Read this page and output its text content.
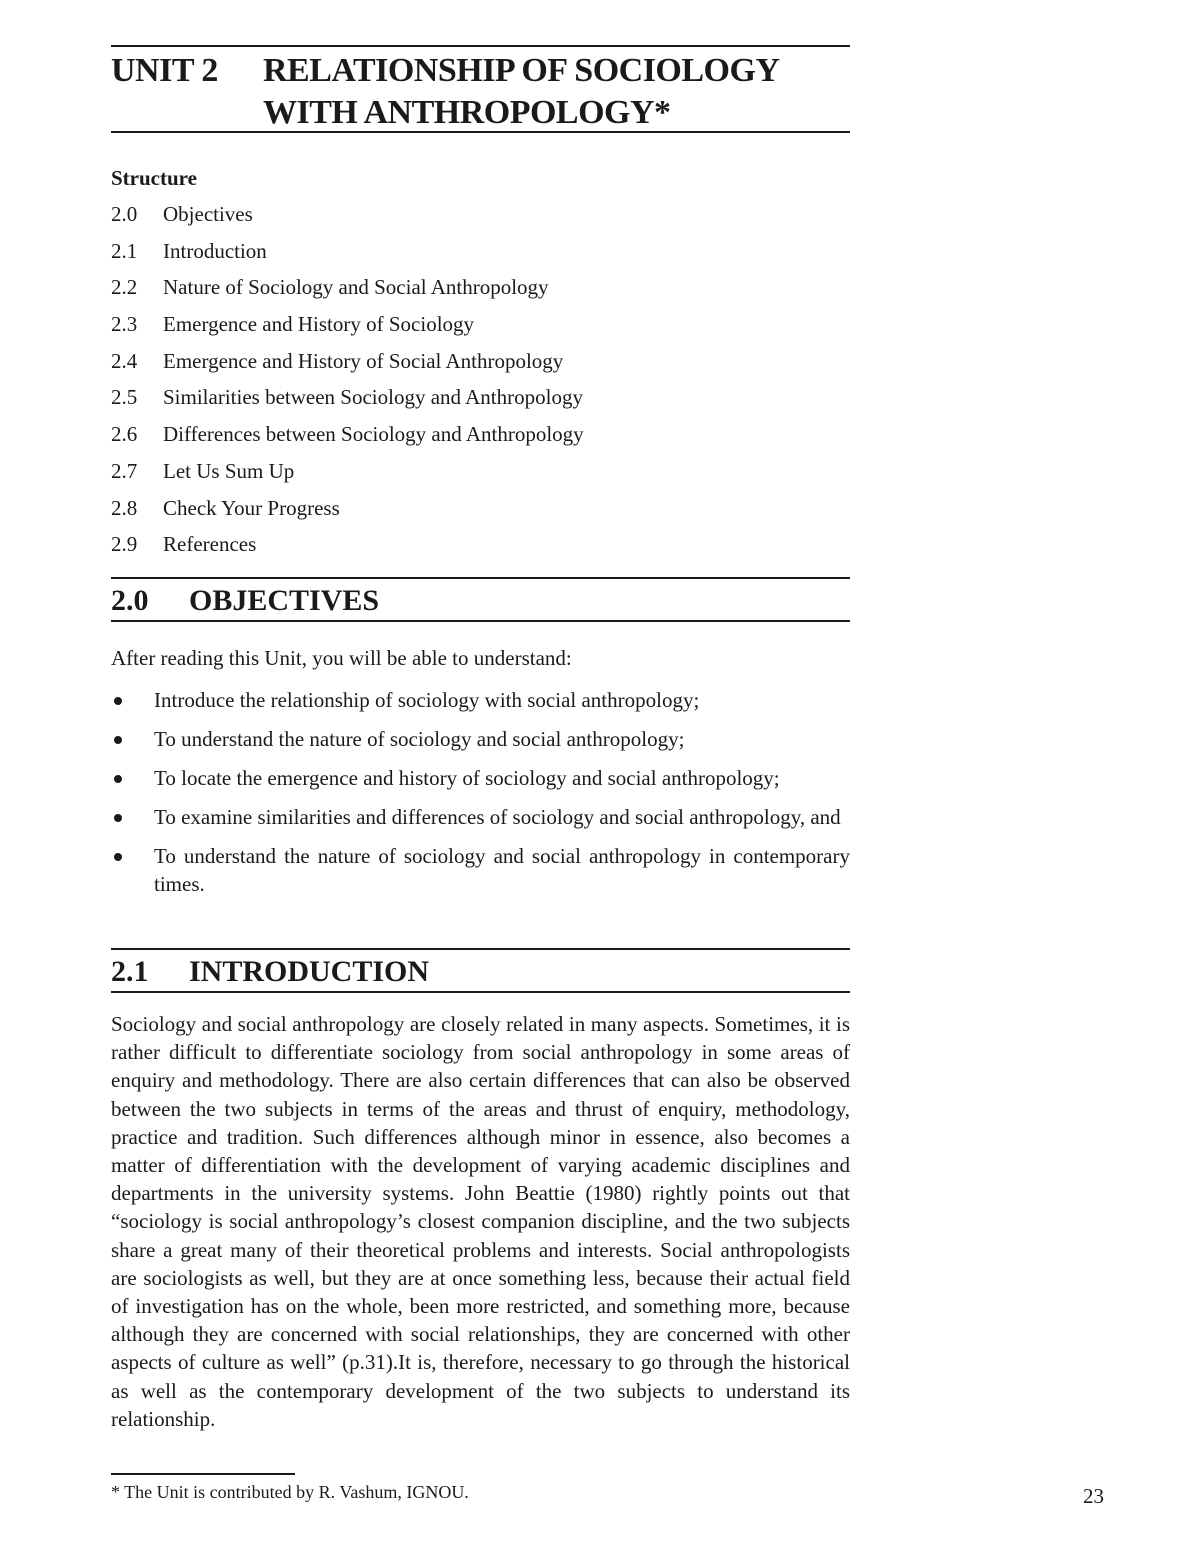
UNIT 2 RELATIONSHIP OF SOCIOLOGY
WITH ANTHROPOLOGY*
Structure
2.0 Objectives
2.1 Introduction
2.2 Nature of Sociology and Social Anthropology
2.3 Emergence and History of Sociology
2.4 Emergence and History of Social Anthropology
2.5 Similarities between Sociology and Anthropology
2.6 Differences between Sociology and Anthropology
2.7 Let Us Sum Up
2.8 Check Your Progress
2.9 References
2.0 OBJECTIVES
After reading this Unit, you will be able to understand:
Introduce the relationship of sociology with social anthropology;
To understand the nature of sociology and social anthropology;
To locate the emergence and history of sociology and social anthropology;
To examine similarities and differences of sociology and social anthropology, and
To understand the nature of sociology and social anthropology in contemporary times.
2.1 INTRODUCTION
Sociology and social anthropology are closely related in many aspects. Sometimes, it is rather difficult to differentiate sociology from social anthropology in some areas of enquiry and methodology. There are also certain differences that can also be observed between the two subjects in terms of the areas and thrust of enquiry, methodology, practice and tradition. Such differences although minor in essence, also becomes a matter of differentiation with the development of varying academic disciplines and departments in the university systems. John Beattie (1980) rightly points out that “sociology is social anthropology’s closest companion discipline, and the two subjects share a great many of their theoretical problems and interests. Social anthropologists are sociologists as well, but they are at once something less, because their actual field of investigation has on the whole, been more restricted, and something more, because although they are concerned with social relationships, they are concerned with other aspects of culture as well” (p.31).It is, therefore, necessary to go through the historical as well as the contemporary development of the two subjects to understand its relationship.
* The Unit is contributed by R. Vashum, IGNOU.	23
